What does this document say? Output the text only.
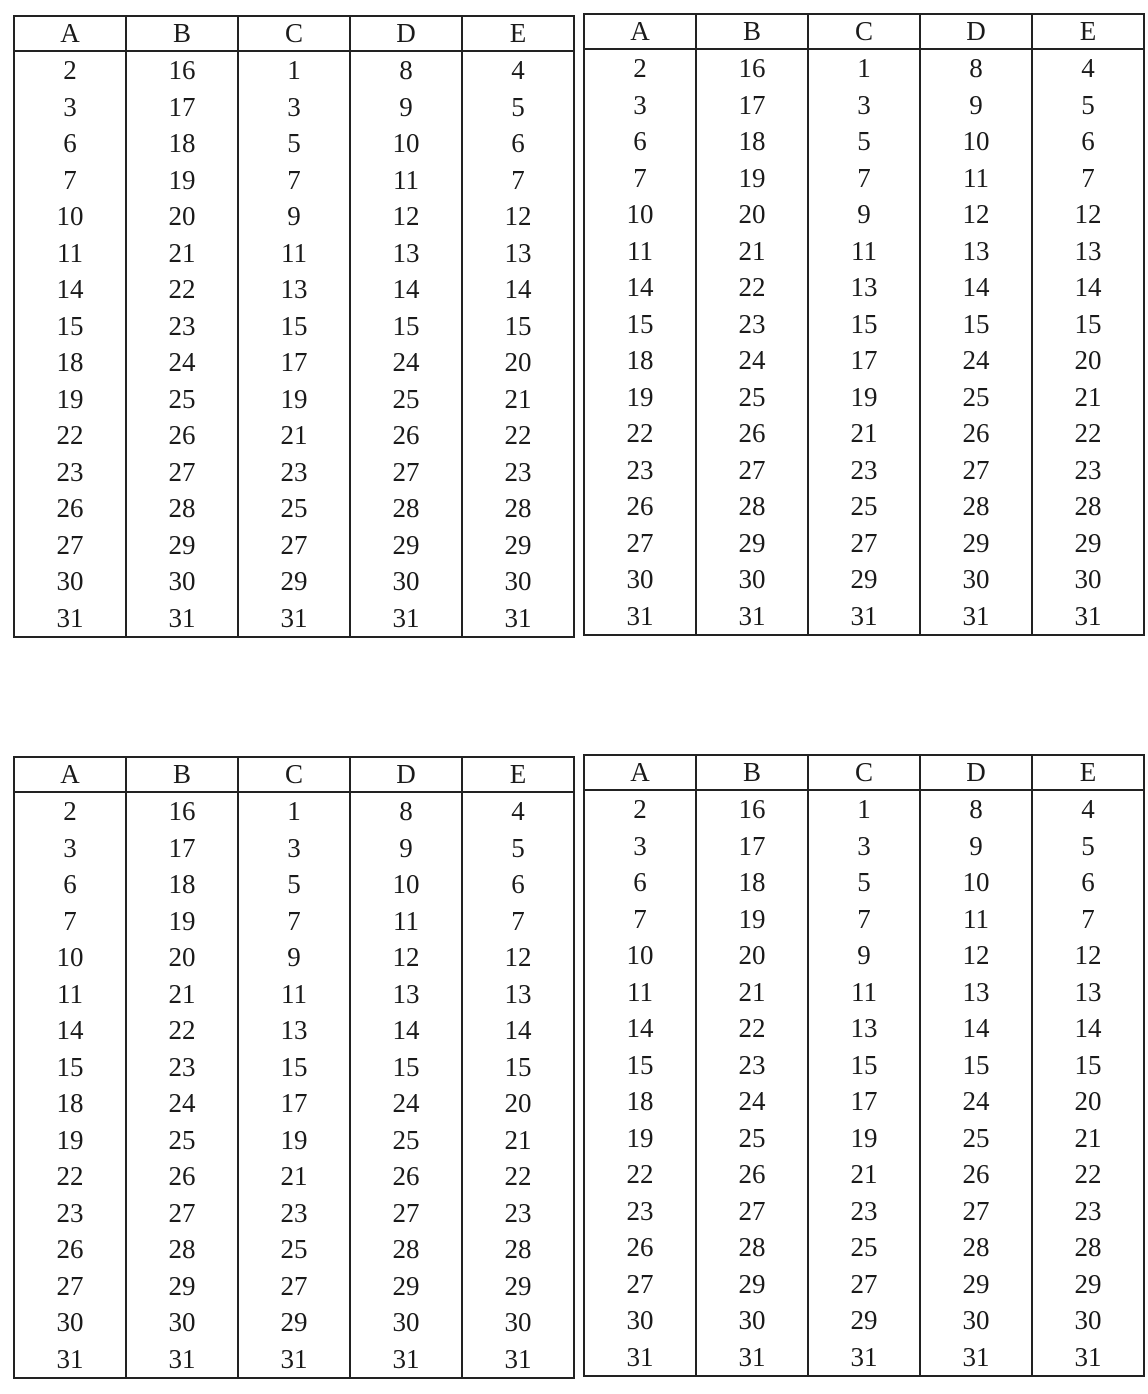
A	B	C	D	E
2	16	1	8	4
3	17	3	9	5
6	18	5	10	6
7	19	7	11	7
10	20	9	12	12
11	21	11	13	13
14	22	13	14	14
15	23	15	15	15
18	24	17	24	20
19	25	19	25	21
22	26	21	26	22
23	27	23	27	23
26	28	25	28	28
27	29	27	29	29
30	30	29	30	30
31	31	31	31	31
A	B	C	D	E
2	16	1	8	4
3	17	3	9	5
6	18	5	10	6
7	19	7	11	7
10	20	9	12	12
11	21	11	13	13
14	22	13	14	14
15	23	15	15	15
18	24	17	24	20
19	25	19	25	21
22	26	21	26	22
23	27	23	27	23
26	28	25	28	28
27	29	27	29	29
30	30	29	30	30
31	31	31	31	31
A	B	C	D	E
2	16	1	8	4
3	17	3	9	5
6	18	5	10	6
7	19	7	11	7
10	20	9	12	12
11	21	11	13	13
14	22	13	14	14
15	23	15	15	15
18	24	17	24	20
19	25	19	25	21
22	26	21	26	22
23	27	23	27	23
26	28	25	28	28
27	29	27	29	29
30	30	29	30	30
31	31	31	31	31
A	B	C	D	E
2	16	1	8	4
3	17	3	9	5
6	18	5	10	6
7	19	7	11	7
10	20	9	12	12
11	21	11	13	13
14	22	13	14	14
15	23	15	15	15
18	24	17	24	20
19	25	19	25	21
22	26	21	26	22
23	27	23	27	23
26	28	25	28	28
27	29	27	29	29
30	30	29	30	30
31	31	31	31	31
